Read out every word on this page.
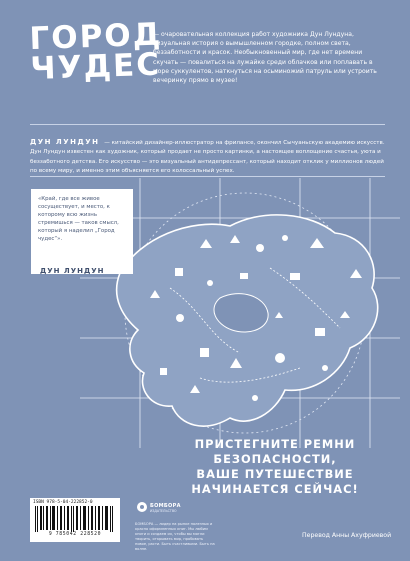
ГОРОД
ЧУДЕС
— очаровательная коллекция работ художника Дун Лундуна, визуальная история о вымышленном городке, полном света, беззаботности и красок. Необыкновенный мир, где нет времени скучать — повалиться на лужайке среди облачков или поплавать в море суккулентов, наткнуться на осьминожий патруль или устроить вечеринку прямо в музее!
ДУН ЛУНДУН — китайский дизайнер-иллюстратор на фрилансе, окончил Сычуаньскую академию искусств. Дун Лундун известен как художник, который продает не просто картинки, а настоящее воплощение счастья, уюта и беззаботного детства. Его искусство — это визуальный антидепрессант, который находит отклик у миллионов людей по всему миру, и именно этим объясняется его колоссальный успех.
«Край, где все живое сосуществует, и место, к которому всю жизнь стремишься — таков смысл, который я наделил „Город чудес“».
ДУН ЛУНДУН
ПРИСТЕГНИТЕ РЕМНИ
БЕЗОПАСНОСТИ,
ВАШЕ ПУТЕШЕСТВИЕ
НАЧИНАЕТСЯ СЕЙЧАС!
ISBN 978-5-04-222852-0
9 785042 228520
БОМБОРА
ИЗДАТЕЛЬСТВО
БОМБОРА — лидер на рынке полезных и красно оформленных книг. Мы любим книги и создаем их, чтобы вы могли творить, открывать мир, пробовать новое, расти. Быть счастливыми. Быть на волне.
Перевод Анны Ахуфриевой
